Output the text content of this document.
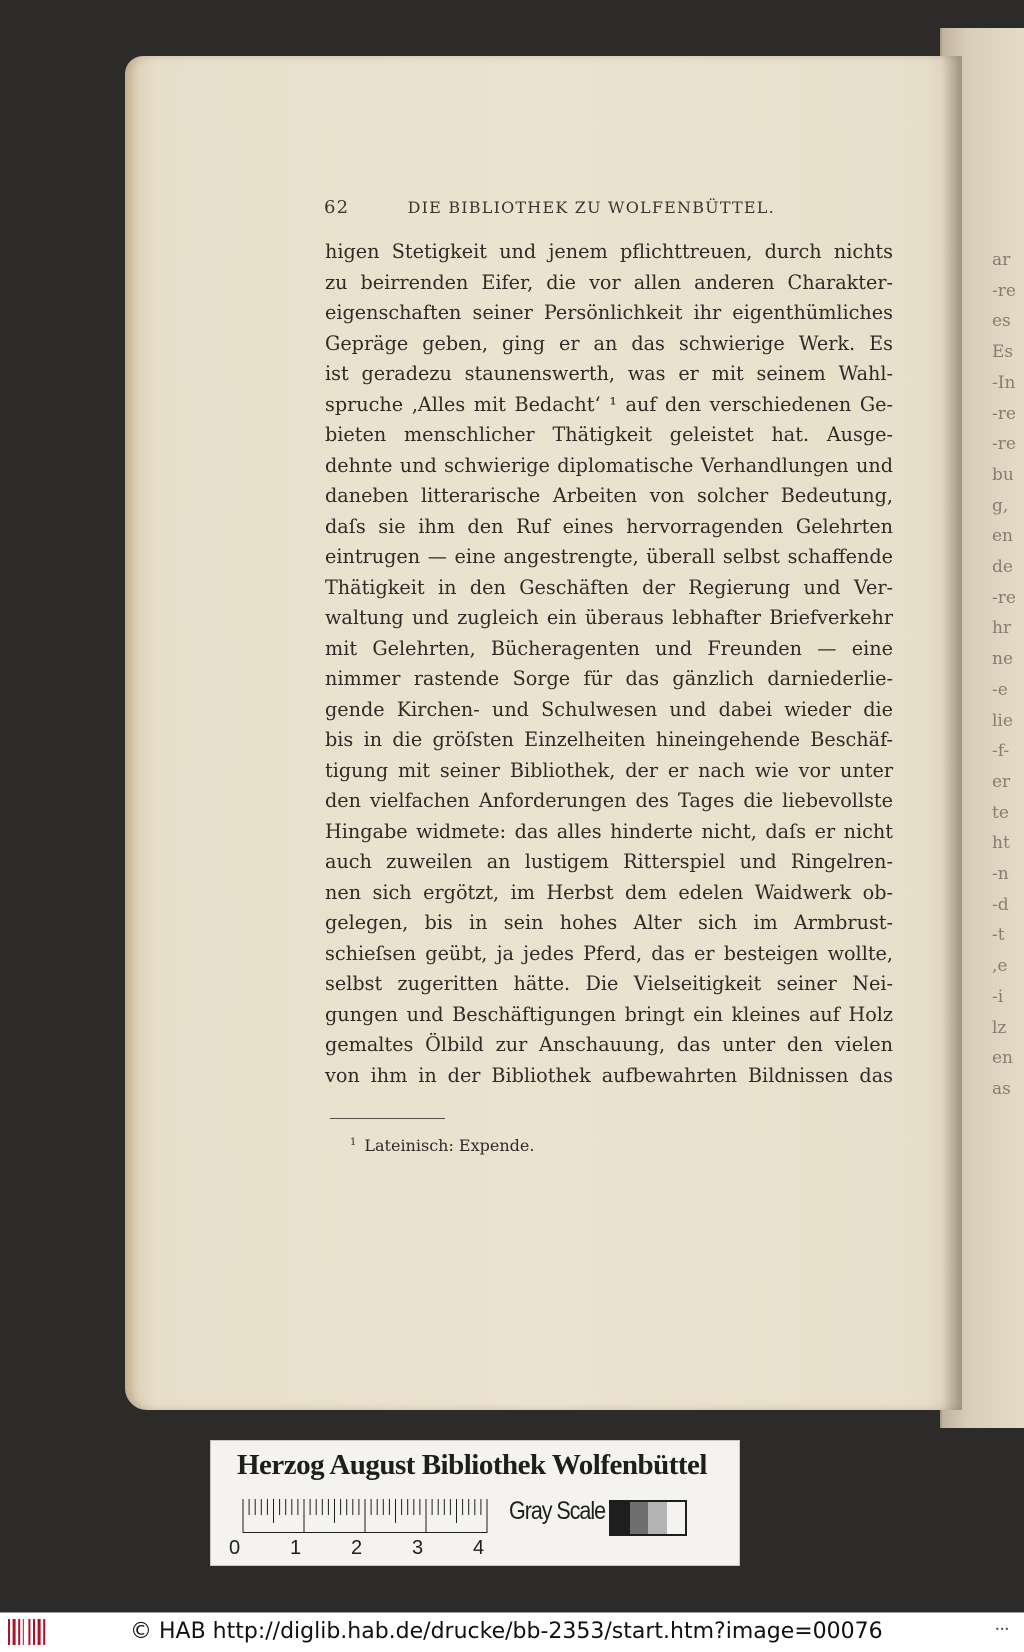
ar
-re
es
Es
-In
-re
-re
bu
g,
en
de
-re
hr
ne
-e
lie
-f-
er
te
ht
-n
-d
-t
,e
-i
lz
en
as
62	DIE BIBLIOTHEK ZU WOLFENBÜTTEL.
higen Stetigkeit und jenem pflichttreuen, durch nichts
zu beirrenden Eifer, die vor allen anderen Charakter-
eigenschaften seiner Persönlichkeit ihr eigenthümliches
Gepräge geben, ging er an das schwierige Werk. Es
ist geradezu staunenswerth, was er mit seinem Wahl-
spruche ‚Alles mit Bedacht‘ ¹ auf den verschiedenen Ge-
bieten menschlicher Thätigkeit geleistet hat. Ausge-
dehnte und schwierige diplomatische Verhandlungen und
daneben litterarische Arbeiten von solcher Bedeutung,
daſs sie ihm den Ruf eines hervorragenden Gelehrten
eintrugen — eine angestrengte, überall selbst schaffende
Thätigkeit in den Geschäften der Regierung und Ver-
waltung und zugleich ein überaus lebhafter Briefverkehr
mit Gelehrten, Bücheragenten und Freunden — eine
nimmer rastende Sorge für das gänzlich darniederlie-
gende Kirchen- und Schulwesen und dabei wieder die
bis in die gröſsten Einzelheiten hineingehende Beschäf-
tigung mit seiner Bibliothek, der er nach wie vor unter
den vielfachen Anforderungen des Tages die liebevollste
Hingabe widmete: das alles hinderte nicht, daſs er nicht
auch zuweilen an lustigem Ritterspiel und Ringelren-
nen sich ergötzt, im Herbst dem edelen Waidwerk ob-
gelegen, bis in sein hohes Alter sich im Armbrust-
schieſsen geübt, ja jedes Pferd, das er besteigen wollte,
selbst zugeritten hätte. Die Vielseitigkeit seiner Nei-
gungen und Beschäftigungen bringt ein kleines auf Holz
gemaltes Ölbild zur Anschauung, das unter den vielen
von ihm in der Bibliothek aufbewahrten Bildnissen das
$^1$ Lateinisch: Expende.
Herzog August Bibliothek Wolfenbüttel
0 1 2 3 4
Gray Scale
© HAB http://diglib.hab.de/drucke/bb-2353/start.htm?image=00076	•••
